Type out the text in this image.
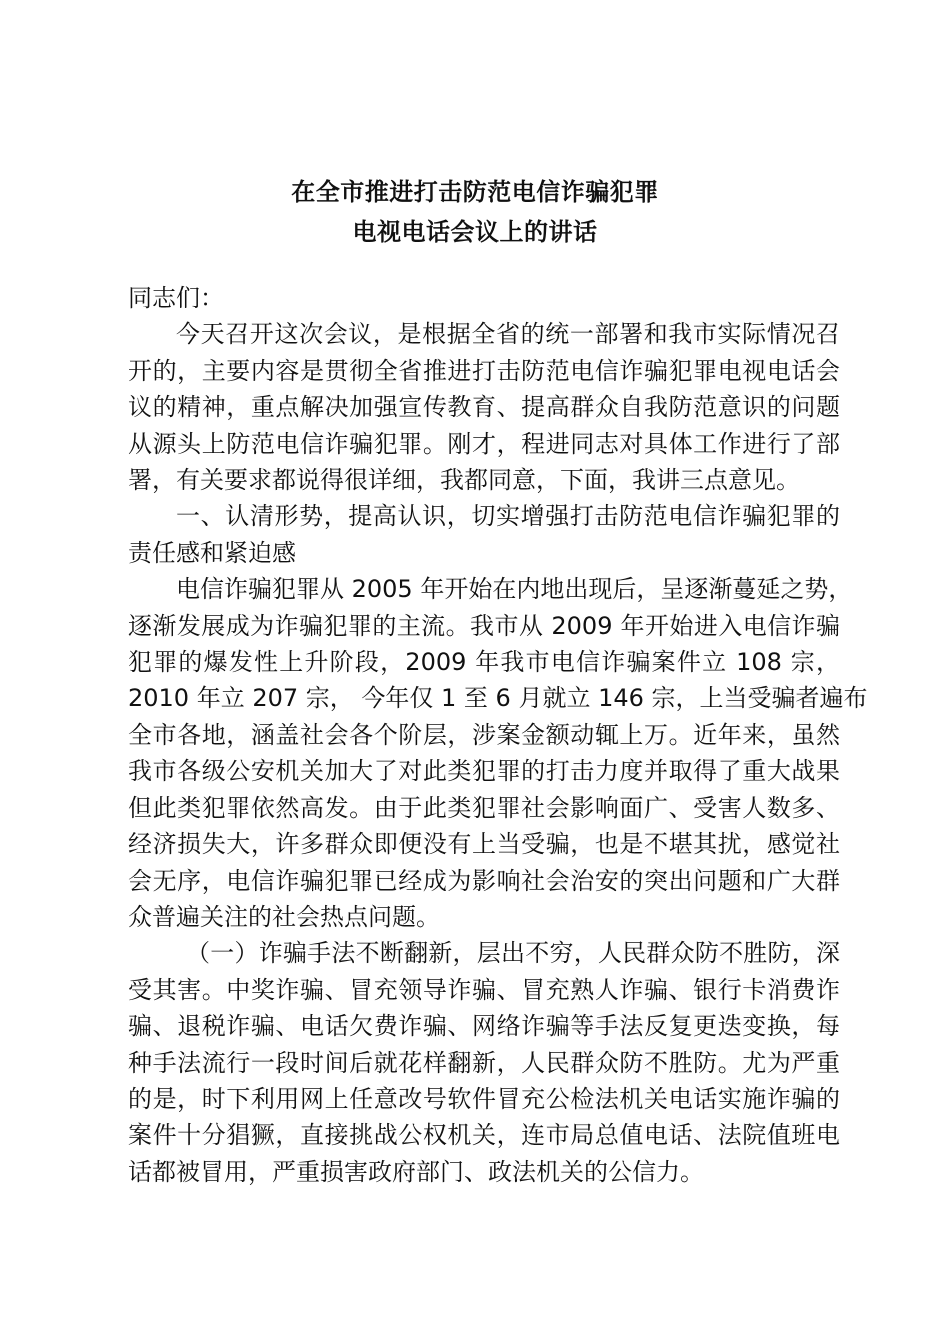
在全市推进打击防范电信诈骗犯罪
电视电话会议上的讲话

同志们：

今天召开这次会议，是根据全省的统一部署和我市实际情况召
开的，主要内容是贯彻全省推进打击防范电信诈骗犯罪电视电话会
议的精神，重点解决加强宣传教育、提高群众自我防范意识的问题
从源头上防范电信诈骗犯罪。刚才，程进同志对具体工作进行了部
署，有关要求都说得很详细，我都同意，下面，我讲三点意见。

一、认清形势，提高认识，切实增强打击防范电信诈骗犯罪的
责任感和紧迫感

电信诈骗犯罪从 2005 年开始在内地出现后，呈逐渐蔓延之势，
逐渐发展成为诈骗犯罪的主流。我市从 2009 年开始进入电信诈骗
犯罪的爆发性上升阶段，2009 年我市电信诈骗案件立 108 宗，
2010 年立 207 宗， 今年仅 1 至 6 月就立 146 宗，上当受骗者遍布
全市各地，涵盖社会各个阶层，涉案金额动辄上万。近年来，虽然
我市各级公安机关加大了对此类犯罪的打击力度并取得了重大战果
但此类犯罪依然高发。由于此类犯罪社会影响面广、受害人数多、
经济损失大，许多群众即便没有上当受骗，也是不堪其扰，感觉社
会无序，电信诈骗犯罪已经成为影响社会治安的突出问题和广大群
众普遍关注的社会热点问题。

（一）诈骗手法不断翻新，层出不穷，人民群众防不胜防，深
受其害。中奖诈骗、冒充领导诈骗、冒充熟人诈骗、银行卡消费诈
骗、退税诈骗、电话欠费诈骗、网络诈骗等手法反复更迭变换，每
种手法流行一段时间后就花样翻新，人民群众防不胜防。尤为严重
的是，时下利用网上任意改号软件冒充公检法机关电话实施诈骗的
案件十分猖獗，直接挑战公权机关，连市局总值电话、法院值班电
话都被冒用，严重损害政府部门、政法机关的公信力。
